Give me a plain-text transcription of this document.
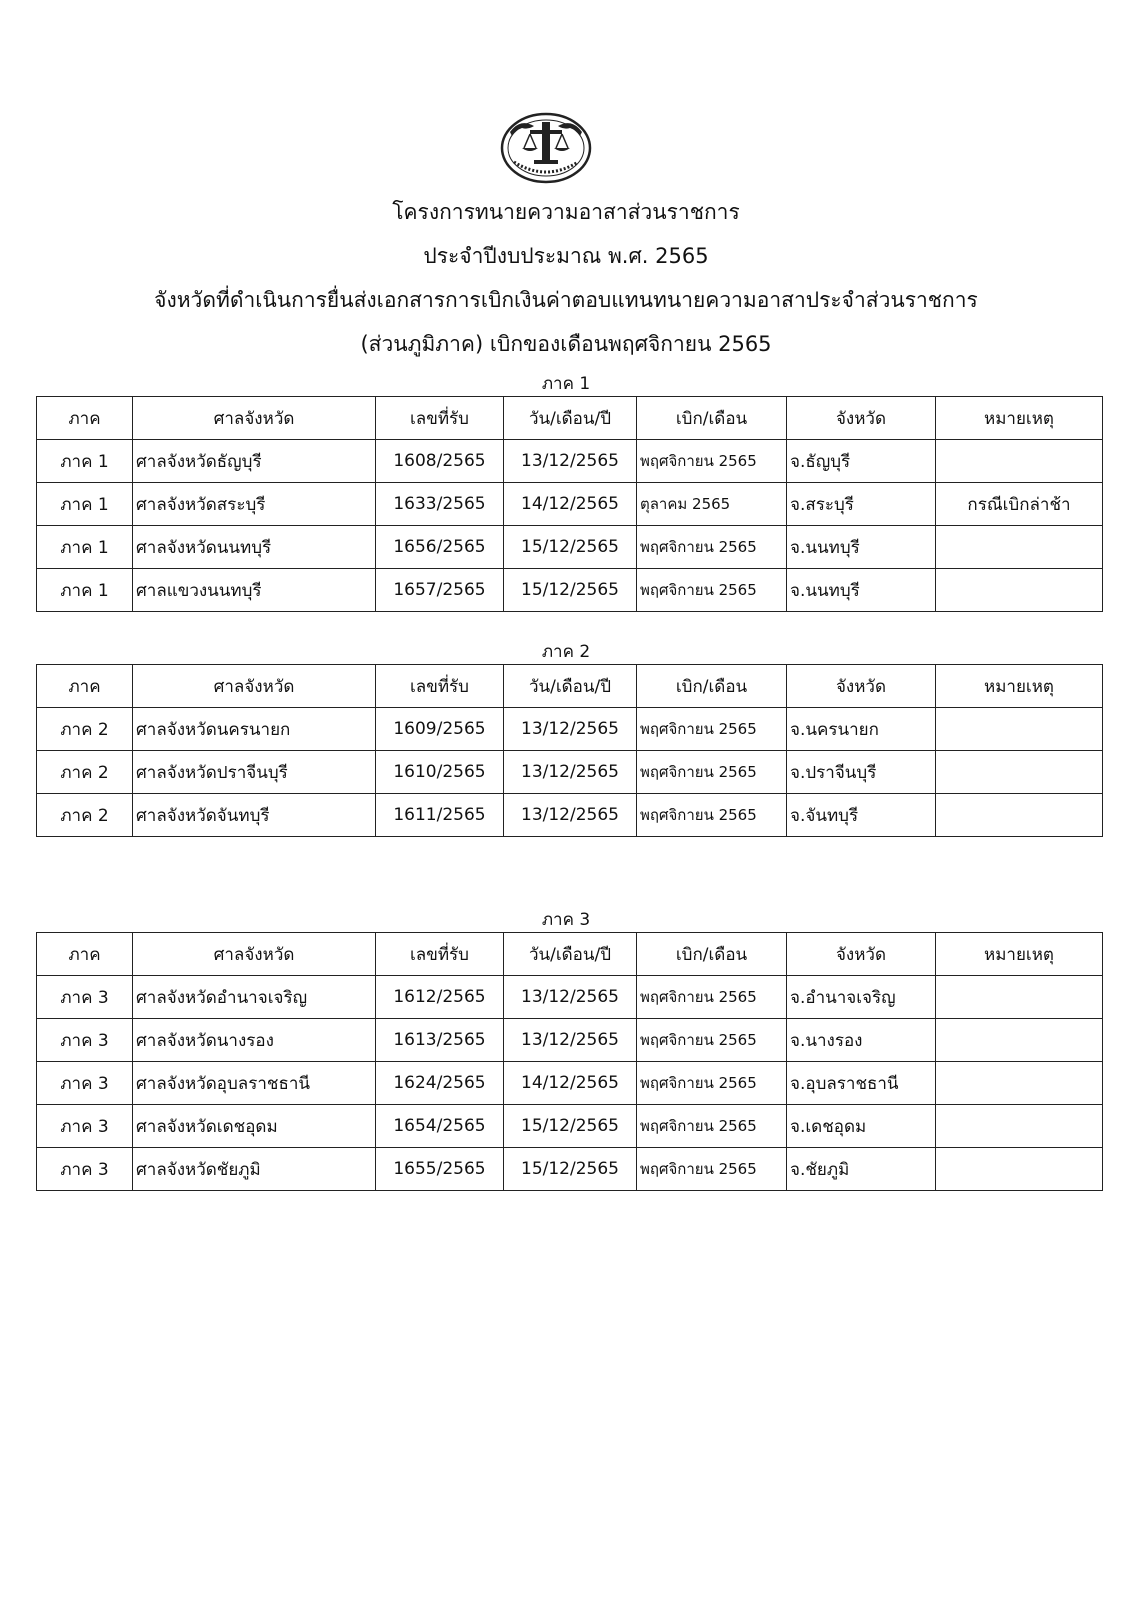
โครงการทนายความอาสาส่วนราชการ
ประจำปีงบประมาณ พ.ศ. 2565
จังหวัดที่ดำเนินการยื่นส่งเอกสารการเบิกเงินค่าตอบแทนทนายความอาสาประจำส่วนราชการ
(ส่วนภูมิภาค) เบิกของเดือนพฤศจิกายน 2565
ภาค 1
ภาค	ศาลจังหวัด	เลขที่รับ	วัน/เดือน/ปี	เบิก/เดือน	จังหวัด	หมายเหตุ
ภาค 1	ศาลจังหวัดธัญบุรี	1608/2565	13/12/2565	พฤศจิกายน 2565	จ.ธัญบุรี	
ภาค 1	ศาลจังหวัดสระบุรี	1633/2565	14/12/2565	ตุลาคม 2565	จ.สระบุรี	กรณีเบิกล่าช้า
ภาค 1	ศาลจังหวัดนนทบุรี	1656/2565	15/12/2565	พฤศจิกายน 2565	จ.นนทบุรี	
ภาค 1	ศาลแขวงนนทบุรี	1657/2565	15/12/2565	พฤศจิกายน 2565	จ.นนทบุรี	
ภาค 2
ภาค	ศาลจังหวัด	เลขที่รับ	วัน/เดือน/ปี	เบิก/เดือน	จังหวัด	หมายเหตุ
ภาค 2	ศาลจังหวัดนครนายก	1609/2565	13/12/2565	พฤศจิกายน 2565	จ.นครนายก	
ภาค 2	ศาลจังหวัดปราจีนบุรี	1610/2565	13/12/2565	พฤศจิกายน 2565	จ.ปราจีนบุรี	
ภาค 2	ศาลจังหวัดจันทบุรี	1611/2565	13/12/2565	พฤศจิกายน 2565	จ.จันทบุรี	
ภาค 3
ภาค	ศาลจังหวัด	เลขที่รับ	วัน/เดือน/ปี	เบิก/เดือน	จังหวัด	หมายเหตุ
ภาค 3	ศาลจังหวัดอำนาจเจริญ	1612/2565	13/12/2565	พฤศจิกายน 2565	จ.อำนาจเจริญ	
ภาค 3	ศาลจังหวัดนางรอง	1613/2565	13/12/2565	พฤศจิกายน 2565	จ.นางรอง	
ภาค 3	ศาลจังหวัดอุบลราชธานี	1624/2565	14/12/2565	พฤศจิกายน 2565	จ.อุบลราชธานี	
ภาค 3	ศาลจังหวัดเดชอุดม	1654/2565	15/12/2565	พฤศจิกายน 2565	จ.เดชอุดม	
ภาค 3	ศาลจังหวัดชัยภูมิ	1655/2565	15/12/2565	พฤศจิกายน 2565	จ.ชัยภูมิ	
